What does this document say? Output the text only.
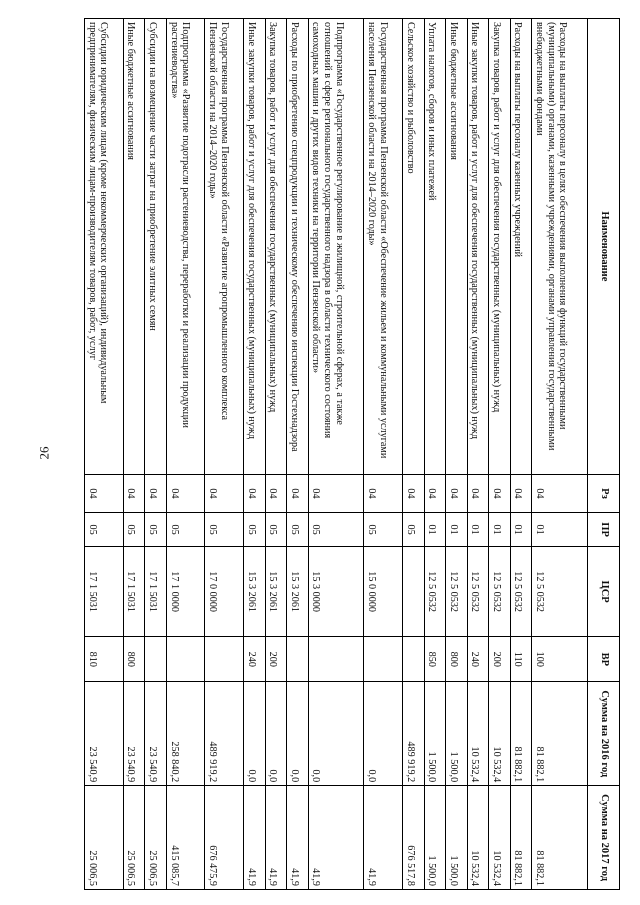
26
Наименование	Рз	ПР	ЦСР	ВР	Сумма на 2016 год	Сумма на 2017 год
Расходы на выплаты персоналу в целях обеспечения выполнения функций государственными (муниципальными) органами, казенными учреждениями, органами управления государственными внебюджетными фондами	04	01	12 5 0532	100	81 882,1	81 882,1
Расходы на выплаты персоналу казенных учреждений	04	01	12 5 0532	110	81 882,1	81 882,1
Закупка товаров, работ и услуг для обеспечения государственных (муниципальных) нужд	04	01	12 5 0532	200	10 532,4	10 532,4
Иные закупки товаров, работ и услуг для обеспечения государственных (муниципальных) нужд	04	01	12 5 0532	240	10 532,4	10 532,4
Иные бюджетные ассигнования	04	01	12 5 0532	800	1 500,0	1 500,0
Уплата налогов, сборов и иных платежей	04	01	12 5 0532	850	1 500,0	1 500,0
Сельское хозяйство и рыболовство	04	05			489 919,2	676 517,8
Государственная программа Пензенской области «Обеспечение жильем и коммунальными услугами населения Пензенской области на 2014–2020 годы»	04	05	15 0 0000		0,0	41,9
Подпрограмма «Государственное регулирование в жилищной, строительной сферах, а также отношений в сфере регионального государственного надзора в области технического состояния самоходных машин и других видов техники на территории Пензенской области»	04	05	15 3 0000		0,0	41,9
Расходы по приобретению спецпродукции и техническому обеспечению инспекции Гостехнадзора	04	05	15 3 2061		0,0	41,9
Закупка товаров, работ и услуг для обеспечения государственных (муниципальных) нужд	04	05	15 3 2061	200	0,0	41,9
Иные закупки товаров, работ и услуг для обеспечения государственных (муниципальных) нужд	04	05	15 3 2061	240	0,0	41,9
Государственная программа Пензенской области «Развитие агропромышленного комплекса Пензенской области на 2014–2020 годы»	04	05	17 0 0000		489 919,2	676 475,9
Подпрограмма «Развитие подотрасли растениеводства, переработки и реализации продукции растениеводства»	04	05	17 1 0000		258 840,2	415 085,7
Субсидии на возмещение части затрат на приобретение элитных семян	04	05	17 1 5031		23 540,9	25 006,5
Иные бюджетные ассигнования	04	05	17 1 5031	800	23 540,9	25 006,5
Субсидии юридическим лицам (кроме некоммерческих организаций), индивидуальным предпринимателям, физическим лицам-производителям товаров, работ, услуг	04	05	17 1 5031	810	23 540,9	25 006,5
